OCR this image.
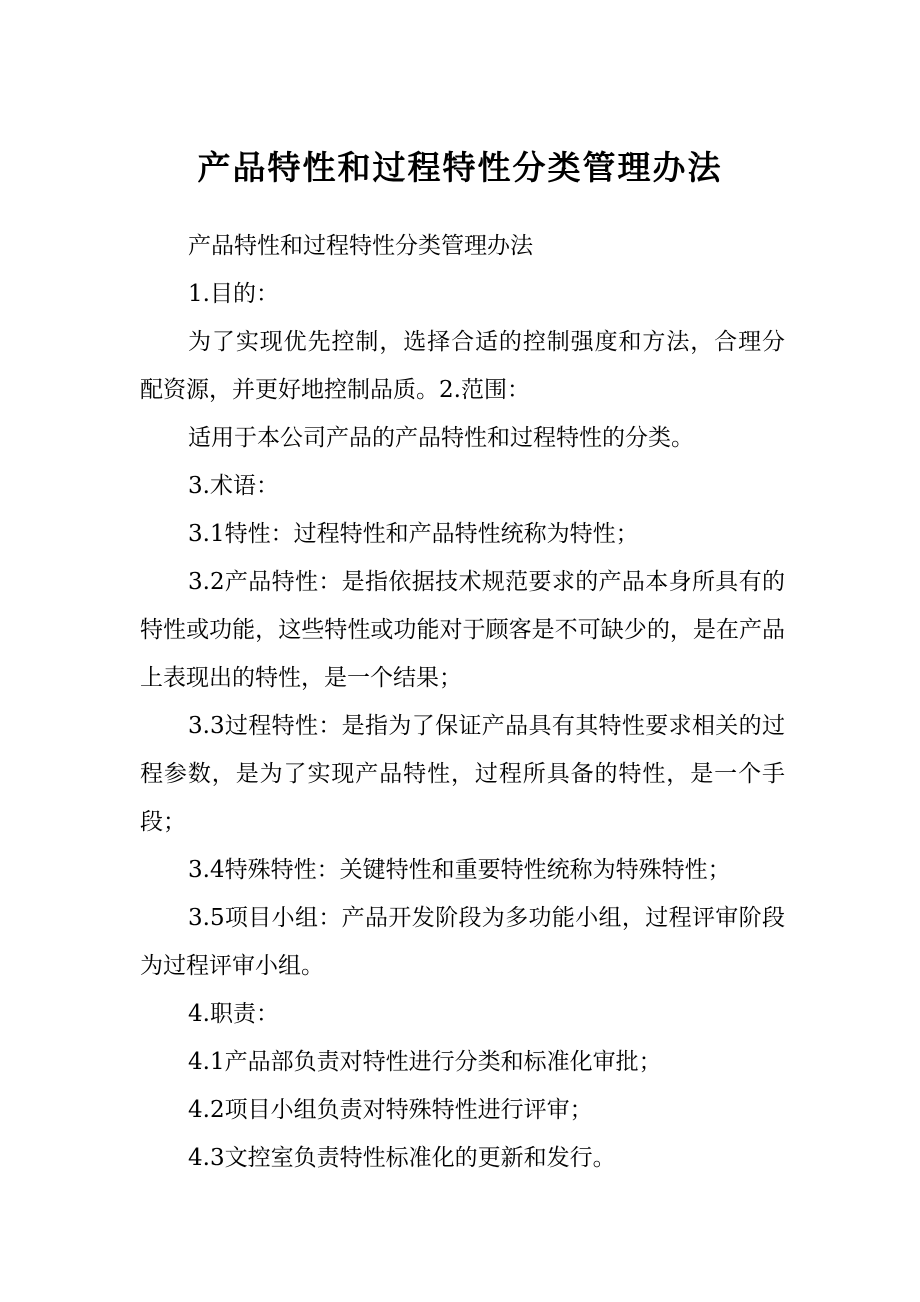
产品特性和过程特性分类管理办法

产品特性和过程特性分类管理办法

1.目的：

为了实现优先控制，选择合适的控制强度和方法，合理分配资源，并更好地控制品质。2.范围：

适用于本公司产品的产品特性和过程特性的分类。

3.术语：

3.1特性：过程特性和产品特性统称为特性；

3.2产品特性：是指依据技术规范要求的产品本身所具有的特性或功能，这些特性或功能对于顾客是不可缺少的，是在产品上表现出的特性，是一个结果；

3.3过程特性：是指为了保证产品具有其特性要求相关的过程参数，是为了实现产品特性，过程所具备的特性，是一个手段；

3.4特殊特性：关键特性和重要特性统称为特殊特性；

3.5项目小组：产品开发阶段为多功能小组，过程评审阶段为过程评审小组。

4.职责：

4.1产品部负责对特性进行分类和标准化审批；

4.2项目小组负责对特殊特性进行评审；

4.3文控室负责特性标准化的更新和发行。
